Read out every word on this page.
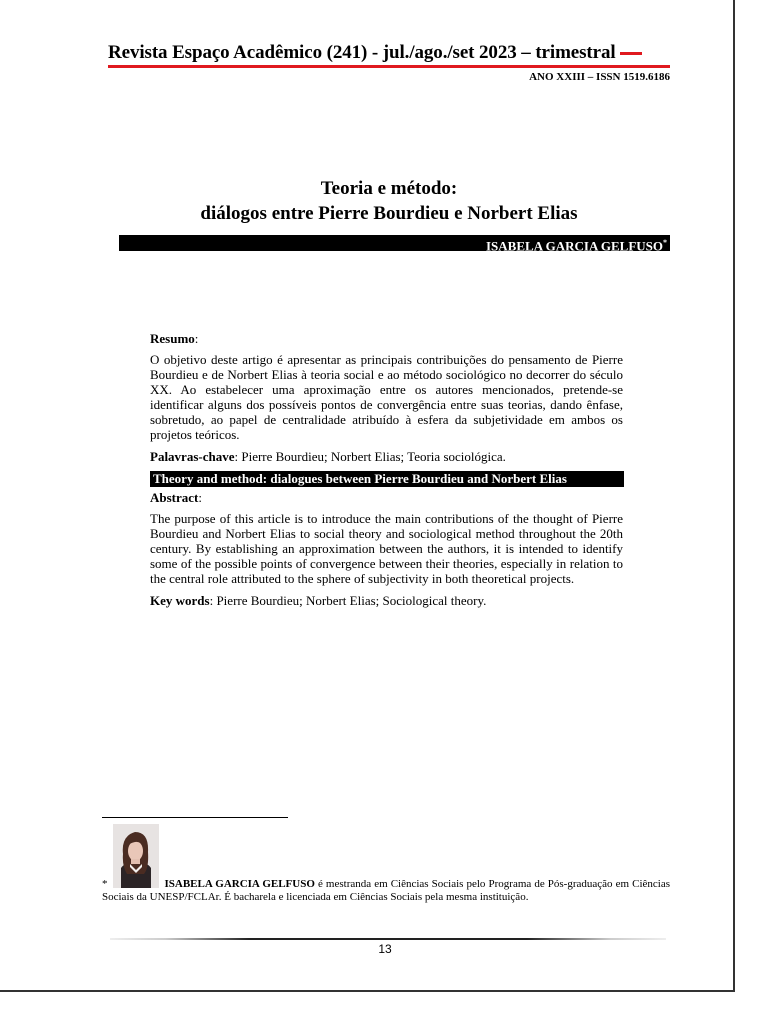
Revista Espaço Acadêmico (241) - jul./ago./set 2023 – trimestral
ANO XXIII – ISSN 1519.6186
Teoria e método:
diálogos entre Pierre Bourdieu e Norbert Elias
ISABELA GARCIA GELFUSO*

Resumo:

O objetivo deste artigo é apresentar as principais contribuições do pensamento de Pierre Bourdieu e de Norbert Elias à teoria social e ao método sociológico no decorrer do século XX. Ao estabelecer uma aproximação entre os autores mencionados, pretende-se identificar alguns dos possíveis pontos de convergência entre suas teorias, dando ênfase, sobretudo, ao papel de centralidade atribuído à esfera da subjetividade em ambos os projetos teóricos.

Palavras-chave: Pierre Bourdieu; Norbert Elias; Teoria sociológica.

Theory and method: dialogues between Pierre Bourdieu and Norbert Elias

Abstract:

The purpose of this article is to introduce the main contributions of the thought of Pierre Bourdieu and Norbert Elias to social theory and sociological method throughout the 20th century. By establishing an approximation between the authors, it is intended to identify some of the possible points of convergence between their theories, especially in relation to the central role attributed to the sphere of subjectivity in both theoretical projects.

Key words: Pierre Bourdieu; Norbert Elias; Sociological theory.

*	ISABELA GARCIA GELFUSO é mestranda em Ciências Sociais pelo Programa de Pós-graduação em Ciências Sociais da UNESP/FCLAr. É bacharela e licenciada em Ciências Sociais pela mesma instituição.
13
